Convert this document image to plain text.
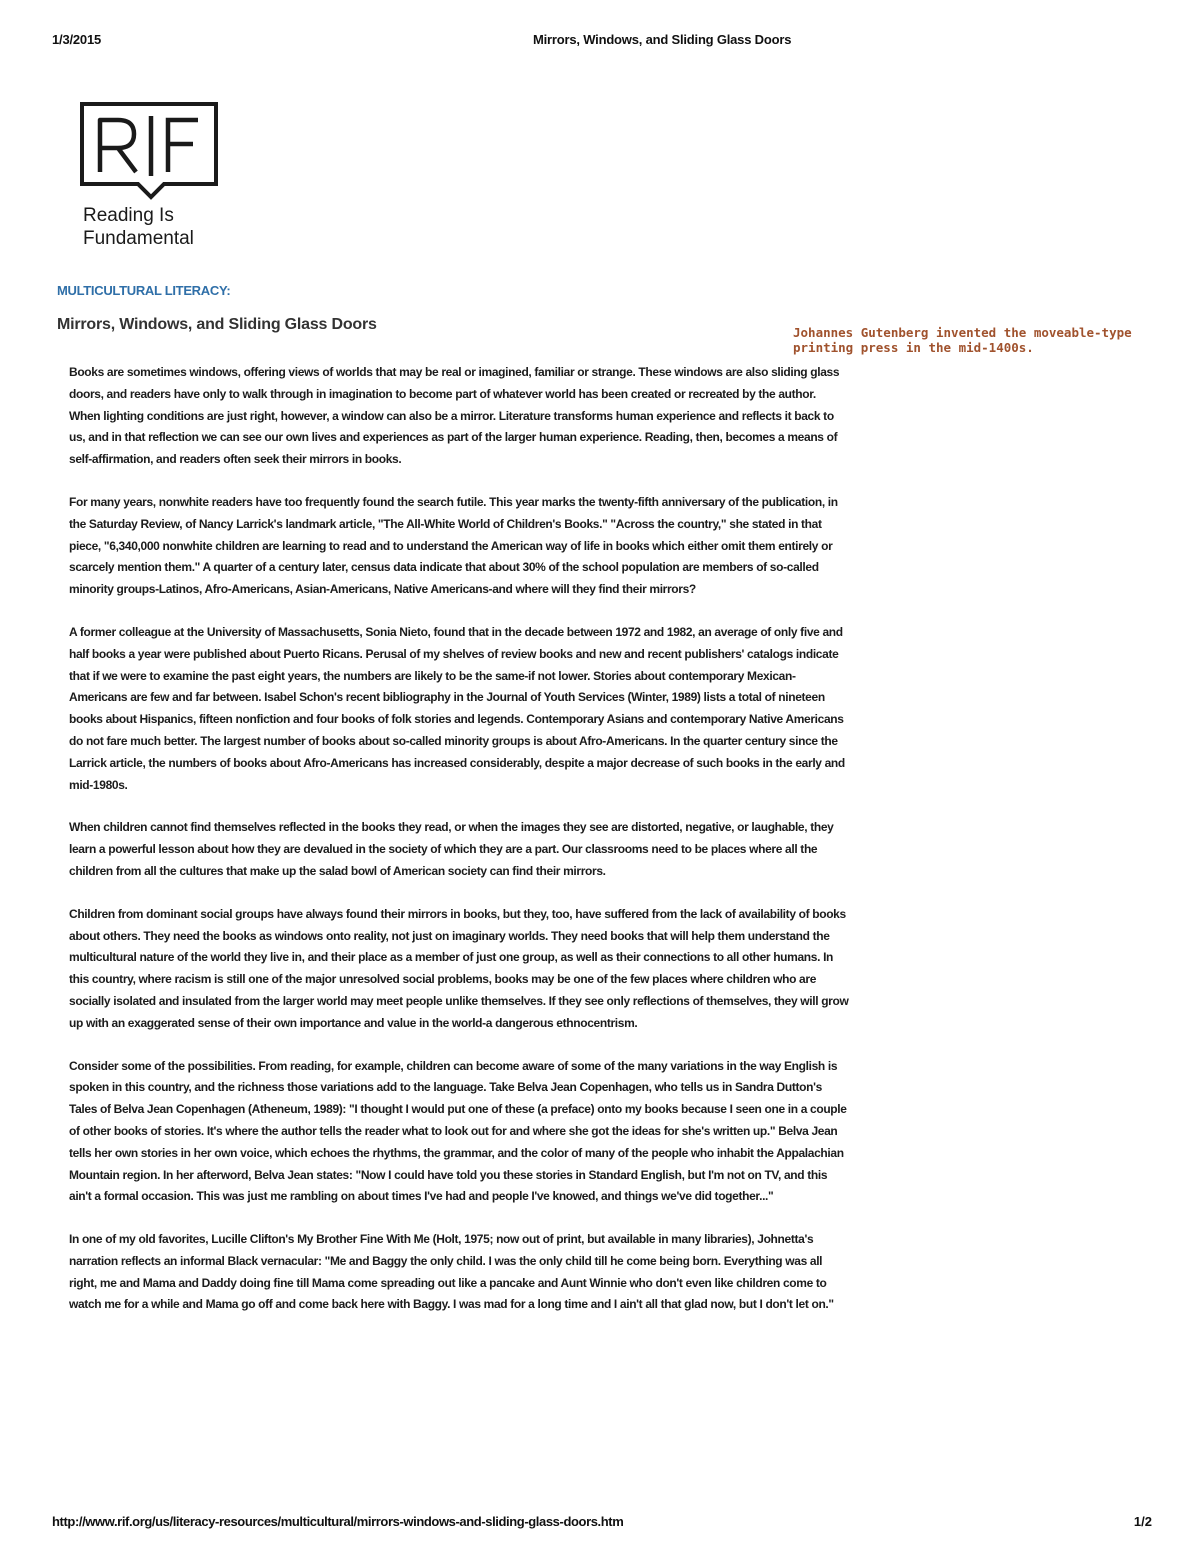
1/3/2015	Mirrors, Windows, and Sliding Glass Doors
Reading Is
Fundamental
MULTICULTURAL LITERACY:
Mirrors, Windows, and Sliding Glass Doors	Johannes Gutenberg invented the moveable-type printing press in the mid-1400s.

Books are sometimes windows, offering views of worlds that may be real or imagined, familiar or strange. These windows are also sliding glass doors, and readers have only to walk through in imagination to become part of whatever world has been created or recreated by the author. When lighting conditions are just right, however, a window can also be a mirror. Literature transforms human experience and reflects it back to us, and in that reflection we can see our own lives and experiences as part of the larger human experience. Reading, then, becomes a means of self-affirmation, and readers often seek their mirrors in books.

For many years, nonwhite readers have too frequently found the search futile. This year marks the twenty-fifth anniversary of the publication, in the Saturday Review, of Nancy Larrick's landmark article, "The All-White World of Children's Books." "Across the country," she stated in that piece, "6,340,000 nonwhite children are learning to read and to understand the American way of life in books which either omit them entirely or scarcely mention them." A quarter of a century later, census data indicate that about 30% of the school population are members of so-called minority groups-Latinos, Afro-Americans, Asian-Americans, Native Americans-and where will they find their mirrors?

A former colleague at the University of Massachusetts, Sonia Nieto, found that in the decade between 1972 and 1982, an average of only five and half books a year were published about Puerto Ricans. Perusal of my shelves of review books and new and recent publishers' catalogs indicate that if we were to examine the past eight years, the numbers are likely to be the same-if not lower. Stories about contemporary Mexican-Americans are few and far between. Isabel Schon's recent bibliography in the Journal of Youth Services (Winter, 1989) lists a total of nineteen books about Hispanics, fifteen nonfiction and four books of folk stories and legends. Contemporary Asians and contemporary Native Americans do not fare much better. The largest number of books about so-called minority groups is about Afro-Americans. In the quarter century since the Larrick article, the numbers of books about Afro-Americans has increased considerably, despite a major decrease of such books in the early and mid-1980s.

When children cannot find themselves reflected in the books they read, or when the images they see are distorted, negative, or laughable, they learn a powerful lesson about how they are devalued in the society of which they are a part. Our classrooms need to be places where all the children from all the cultures that make up the salad bowl of American society can find their mirrors.

Children from dominant social groups have always found their mirrors in books, but they, too, have suffered from the lack of availability of books about others. They need the books as windows onto reality, not just on imaginary worlds. They need books that will help them understand the multicultural nature of the world they live in, and their place as a member of just one group, as well as their connections to all other humans. In this country, where racism is still one of the major unresolved social problems, books may be one of the few places where children who are socially isolated and insulated from the larger world may meet people unlike themselves. If they see only reflections of themselves, they will grow up with an exaggerated sense of their own importance and value in the world-a dangerous ethnocentrism.

Consider some of the possibilities. From reading, for example, children can become aware of some of the many variations in the way English is spoken in this country, and the richness those variations add to the language. Take Belva Jean Copenhagen, who tells us in Sandra Dutton's Tales of Belva Jean Copenhagen (Atheneum, 1989): "I thought I would put one of these (a preface) onto my books because I seen one in a couple of other books of stories. It's where the author tells the reader what to look out for and where she got the ideas for she's written up." Belva Jean tells her own stories in her own voice, which echoes the rhythms, the grammar, and the color of many of the people who inhabit the Appalachian Mountain region. In her afterword, Belva Jean states: "Now I could have told you these stories in Standard English, but I'm not on TV, and this ain't a formal occasion. This was just me rambling on about times I've had and people I've knowed, and things we've did together..."

In one of my old favorites, Lucille Clifton's My Brother Fine With Me (Holt, 1975; now out of print, but available in many libraries), Johnetta's narration reflects an informal Black vernacular: "Me and Baggy the only child. I was the only child till he come being born. Everything was all right, me and Mama and Daddy doing fine till Mama come spreading out like a pancake and Aunt Winnie who don't even like children come to watch me for a while and Mama go off and come back here with Baggy. I was mad for a long time and I ain't all that glad now, but I don't let on."

http://www.rif.org/us/literacy-resources/multicultural/mirrors-windows-and-sliding-glass-doors.htm	1/2
